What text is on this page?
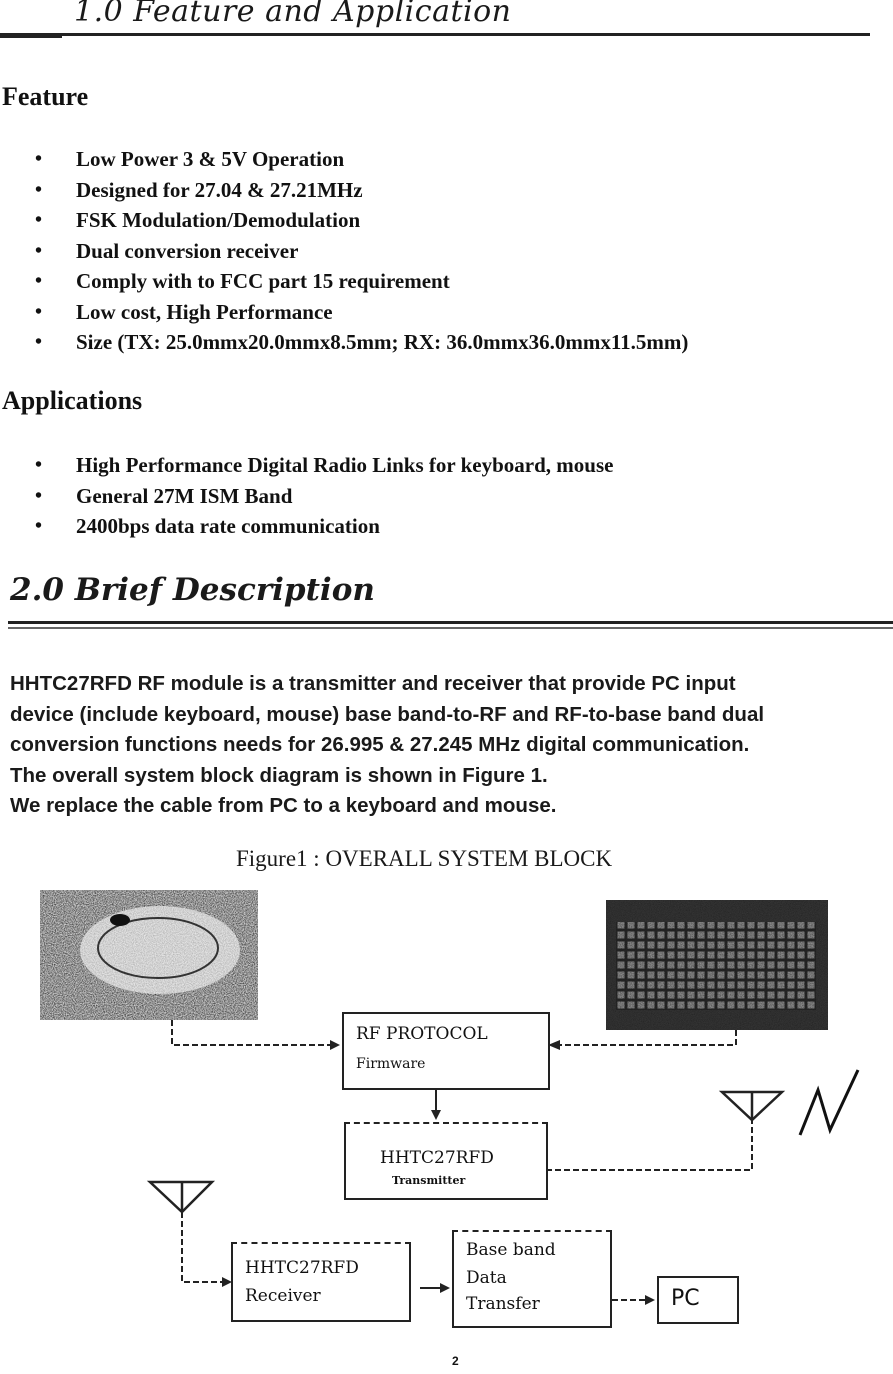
1.0 Feature and Application
Feature
• Low Power 3 & 5V Operation
• Designed for 27.04 & 27.21MHz
• FSK Modulation/Demodulation
• Dual conversion receiver
• Comply with to FCC part 15 requirement
• Low cost, High Performance
• Size (TX: 25.0mmx20.0mmx8.5mm; RX: 36.0mmx36.0mmx11.5mm)
Applications
• High Performance Digital Radio Links for keyboard, mouse
• General 27M ISM Band
• 2400bps data rate communication
2.0 Brief Description
HHTC27RFD RF module is a transmitter and receiver that provide PC input
device (include keyboard, mouse) base band-to-RF and RF-to-base band dual
conversion functions needs for 26.995 & 27.245 MHz digital communication.
The overall system block diagram is shown in Figure 1.
We replace the cable from PC to a keyboard and mouse.
Figure1 : OVERALL SYSTEM BLOCK
RF PROTOCOL
Firmware
HHTC27RFD
Transmitter
HHTC27RFD
Receiver
Base band
Data
Transfer	PC
2
